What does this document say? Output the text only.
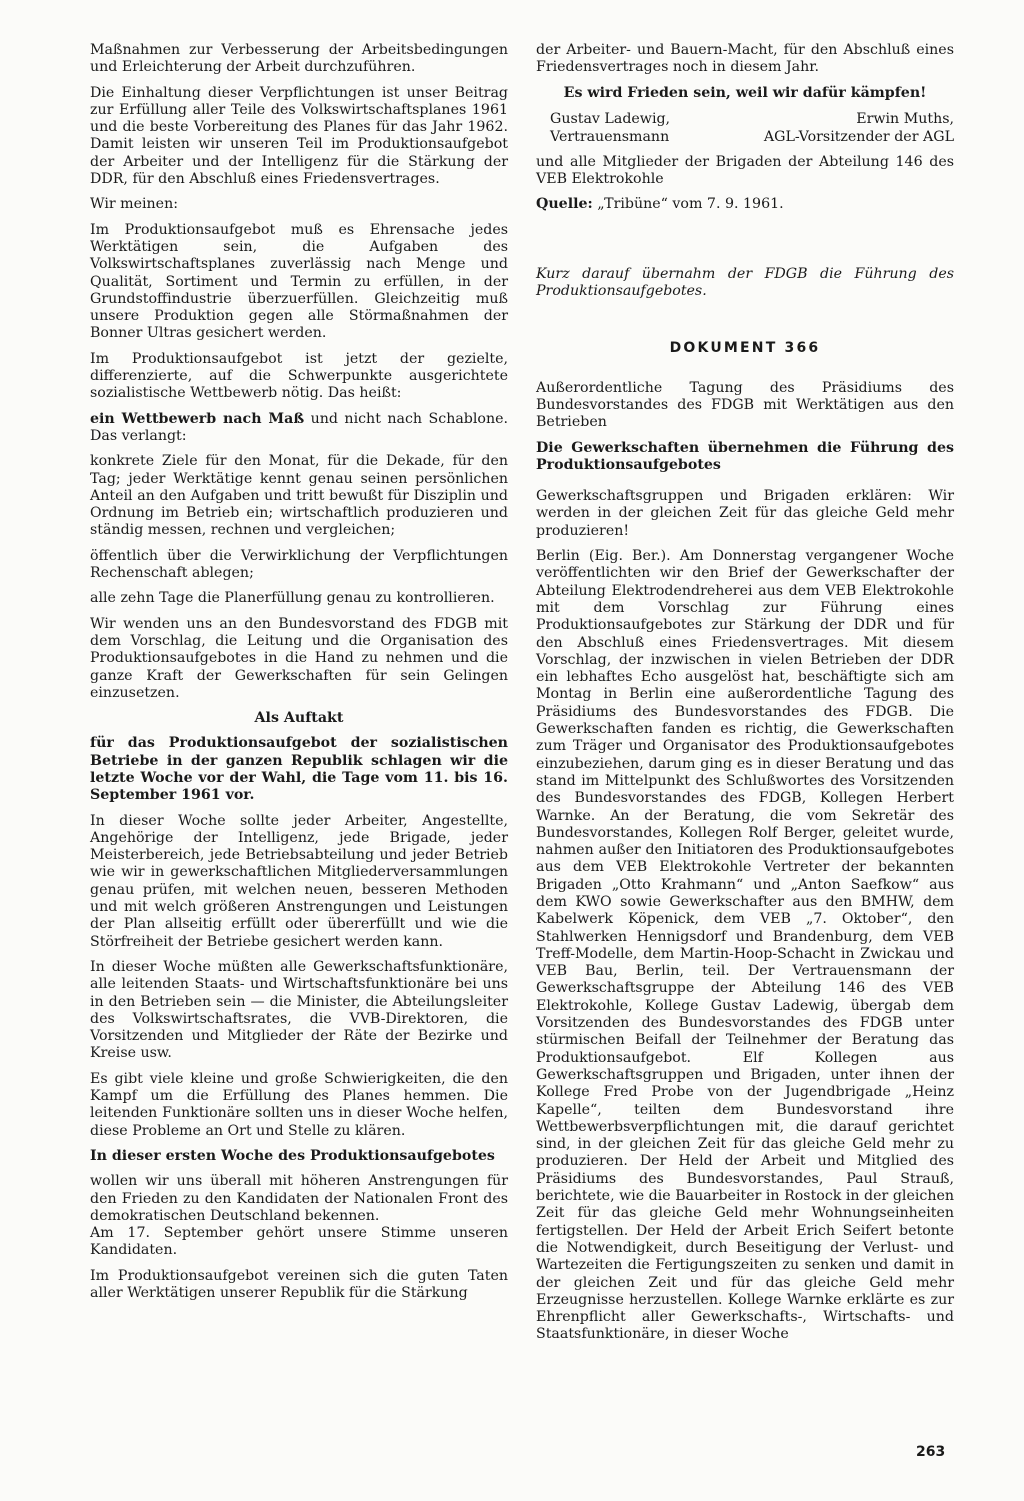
Maßnahmen zur Verbesserung der Arbeitsbedingungen und Erleichterung der Arbeit durchzuführen.

Die Einhaltung dieser Verpflichtungen ist unser Beitrag zur Erfüllung aller Teile des Volkswirtschaftsplanes 1961 und die beste Vorbereitung des Planes für das Jahr 1962. Damit leisten wir unseren Teil im Produktionsaufgebot der Arbeiter und der Intelligenz für die Stärkung der DDR, für den Abschluß eines Friedensvertrages.

Wir meinen:

Im Produktionsaufgebot muß es Ehrensache jedes Werktätigen sein, die Aufgaben des Volkswirtschaftsplanes zuverlässig nach Menge und Qualität, Sortiment und Termin zu erfüllen, in der Grundstoffindustrie überzuerfüllen. Gleichzeitig muß unsere Produktion gegen alle Störmaßnahmen der Bonner Ultras gesichert werden.

Im Produktionsaufgebot ist jetzt der gezielte, differenzierte, auf die Schwerpunkte ausgerichtete sozialistische Wettbewerb nötig. Das heißt:

ein Wettbewerb nach Maß und nicht nach Schablone. Das verlangt:

konkrete Ziele für den Monat, für die Dekade, für den Tag; jeder Werktätige kennt genau seinen persönlichen Anteil an den Aufgaben und tritt bewußt für Disziplin und Ordnung im Betrieb ein; wirtschaftlich produzieren und ständig messen, rechnen und vergleichen;

öffentlich über die Verwirklichung der Verpflichtungen Rechenschaft ablegen;

alle zehn Tage die Planerfüllung genau zu kontrollieren.

Wir wenden uns an den Bundesvorstand des FDGB mit dem Vorschlag, die Leitung und die Organisation des Produktionsaufgebotes in die Hand zu nehmen und die ganze Kraft der Gewerkschaften für sein Gelingen einzusetzen.

Als Auftakt

für das Produktionsaufgebot der sozialistischen Betriebe in der ganzen Republik schlagen wir die letzte Woche vor der Wahl, die Tage vom 11. bis 16. September 1961 vor.

In dieser Woche sollte jeder Arbeiter, Angestellte, Angehörige der Intelligenz, jede Brigade, jeder Meisterbereich, jede Betriebsabteilung und jeder Betrieb wie wir in gewerkschaftlichen Mitgliederversammlungen genau prüfen, mit welchen neuen, besseren Methoden und mit welch größeren Anstrengungen und Leistungen der Plan allseitig erfüllt oder übererfüllt und wie die Störfreiheit der Betriebe gesichert werden kann.

In dieser Woche müßten alle Gewerkschaftsfunktionäre, alle leitenden Staats- und Wirtschaftsfunktionäre bei uns in den Betrieben sein — die Minister, die Abteilungsleiter des Volkswirtschaftsrates, die VVB-Direktoren, die Vorsitzenden und Mitglieder der Räte der Bezirke und Kreise usw.

Es gibt viele kleine und große Schwierigkeiten, die den Kampf um die Erfüllung des Planes hemmen. Die leitenden Funktionäre sollten uns in dieser Woche helfen, diese Probleme an Ort und Stelle zu klären.

In dieser ersten Woche des Produktionsaufgebotes

wollen wir uns überall mit höheren Anstrengungen für den Frieden zu den Kandidaten der Nationalen Front des demokratischen Deutschland bekennen.

Am 17. September gehört unsere Stimme unseren Kandidaten.

Im Produktionsaufgebot vereinen sich die guten Taten aller Werktätigen unserer Republik für die Stärkung

der Arbeiter- und Bauern-Macht, für den Abschluß eines Friedensvertrages noch in diesem Jahr.

Es wird Frieden sein, weil wir dafür kämpfen!

Gustav Ladewig,
Vertrauensmann
Erwin Muths,
AGL-Vorsitzender der AGL

und alle Mitglieder der Brigaden der Abteilung 146 des VEB Elektrokohle

Quelle: „Tribüne“ vom 7. 9. 1961.

Kurz darauf übernahm der FDGB die Führung des Produktionsaufgebotes.

DOKUMENT 366

Außerordentliche Tagung des Präsidiums des Bundesvorstandes des FDGB mit Werktätigen aus den Betrieben

Die Gewerkschaften übernehmen die Führung des Produktionsaufgebotes

Gewerkschaftsgruppen und Brigaden erklären: Wir werden in der gleichen Zeit für das gleiche Geld mehr produzieren!

Berlin (Eig. Ber.). Am Donnerstag vergangener Woche veröffentlichten wir den Brief der Gewerkschafter der Abteilung Elektrodendreherei aus dem VEB Elektrokohle mit dem Vorschlag zur Führung eines Produktionsaufgebotes zur Stärkung der DDR und für den Abschluß eines Friedensvertrages. Mit diesem Vorschlag, der inzwischen in vielen Betrieben der DDR ein lebhaftes Echo ausgelöst hat, beschäftigte sich am Montag in Berlin eine außerordentliche Tagung des Präsidiums des Bundesvorstandes des FDGB. Die Gewerkschaften fanden es richtig, die Gewerkschaften zum Träger und Organisator des Produktionsaufgebotes einzubeziehen, darum ging es in dieser Beratung und das stand im Mittelpunkt des Schlußwortes des Vorsitzenden des Bundesvorstandes des FDGB, Kollegen Herbert Warnke. An der Beratung, die vom Sekretär des Bundesvorstandes, Kollegen Rolf Berger, geleitet wurde, nahmen außer den Initiatoren des Produktionsaufgebotes aus dem VEB Elektrokohle Vertreter der bekannten Brigaden „Otto Krahmann“ und „Anton Saefkow“ aus dem KWO sowie Gewerkschafter aus den BMHW, dem Kabelwerk Köpenick, dem VEB „7. Oktober“, den Stahlwerken Hennigsdorf und Brandenburg, dem VEB Treff-Modelle, dem Martin-Hoop-Schacht in Zwickau und VEB Bau, Berlin, teil. Der Vertrauensmann der Gewerkschaftsgruppe der Abteilung 146 des VEB Elektrokohle, Kollege Gustav Ladewig, übergab dem Vorsitzenden des Bundesvorstandes des FDGB unter stürmischen Beifall der Teilnehmer der Beratung das Produktionsaufgebot. Elf Kollegen aus Gewerkschaftsgruppen und Brigaden, unter ihnen der Kollege Fred Probe von der Jugendbrigade „Heinz Kapelle“, teilten dem Bundesvorstand ihre Wettbewerbsverpflichtungen mit, die darauf gerichtet sind, in der gleichen Zeit für das gleiche Geld mehr zu produzieren. Der Held der Arbeit und Mitglied des Präsidiums des Bundesvorstandes, Paul Strauß, berichtete, wie die Bauarbeiter in Rostock in der gleichen Zeit für das gleiche Geld mehr Wohnungseinheiten fertigstellen. Der Held der Arbeit Erich Seifert betonte die Notwendigkeit, durch Beseitigung der Verlust- und Wartezeiten die Fertigungszeiten zu senken und damit in der gleichen Zeit und für das gleiche Geld mehr Erzeugnisse herzustellen. Kollege Warnke erklärte es zur Ehrenpflicht aller Gewerkschafts-, Wirtschafts- und Staatsfunktionäre, in dieser Woche

263
